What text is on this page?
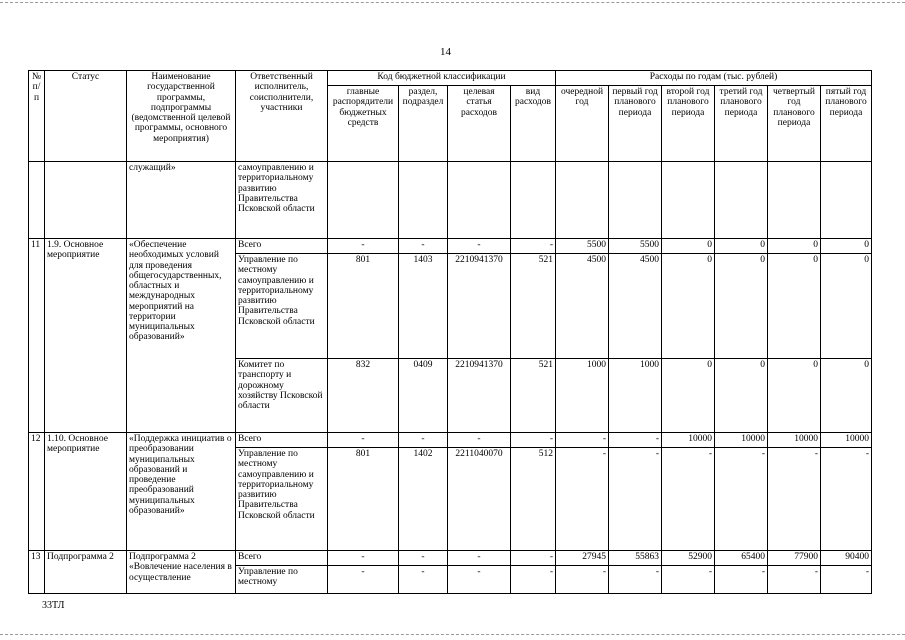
14
№ п/п	Статус	Наименование государственной программы, подпрограммы (ведомственной целевой программы, основного мероприятия)	Ответственный исполнитель, соисполнители, участники	Код бюджетной классификации				Расходы по годам (тыс. рублей)					
				главные распорядители бюджетных средств	раздел, подраздел	целевая статья расходов	вид расходов	очередной год	первый год планового периода	второй год планового периода	третий год планового периода	четвертый год планового периода	пятый год планового периода
		служащий»	самоуправлению и территориальному развитию Правительства Псковской области										
11	1.9. Основное мероприятие	«Обеспечение необходимых условий для проведения общегосударственных, областных и международных мероприятий на территории муниципальных образований»	Всего	-	-	-	-	5500	5500	0	0	0	0
			Управление по местному самоуправлению и территориальному развитию Правительства Псковской области	801	1403	2210941370	521	4500	4500	0	0	0	0
			Комитет по транспорту и дорожному хозяйству Псковской области	832	0409	2210941370	521	1000	1000	0	0	0	0
12	1.10. Основное мероприятие	«Поддержка инициатив о преобразовании муниципальных образований и проведение преобразований муниципальных образований»	Всего	-	-	-	-	-	-	10000	10000	10000	10000
			Управление по местному самоуправлению и территориальному развитию Правительства Псковской области	801	1402	2211040070	512	-	-	-	-	-	-
13	Подпрограмма 2	Подпрограмма 2 «Вовлечение населения в осуществление	Всего	-	-	-	-	27945	55863	52900	65400	77900	90400
			Управление по местному	-	-	-	-	-	-	-	-	-	-
33ТЛ
